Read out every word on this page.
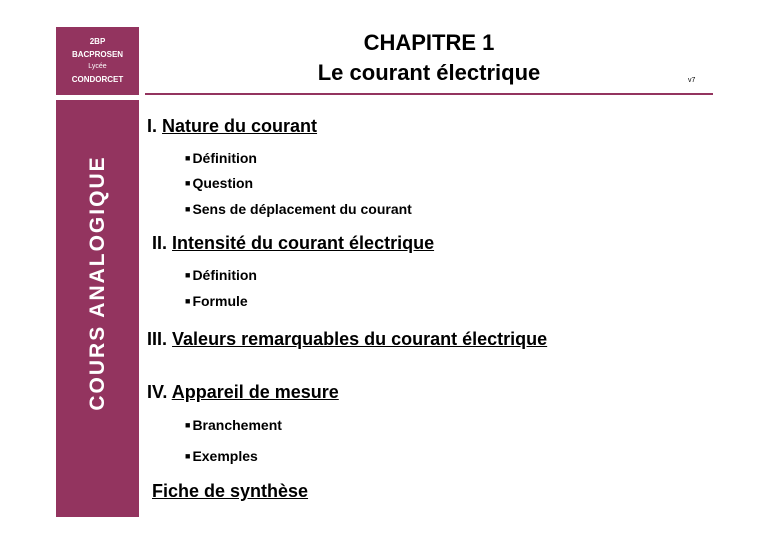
2BP
BACPROSEN
Lycée
CONDORCET
COURS ANALOGIQUE
CHAPITRE 1
Le courant électrique	v7
I. Nature du courant
■ Définition
■ Question
■ Sens de déplacement du courant
II. Intensité du courant électrique
■ Définition
■ Formule
III. Valeurs remarquables du courant électrique
IV. Appareil de mesure
■ Branchement
■ Exemples
Fiche de synthèse
